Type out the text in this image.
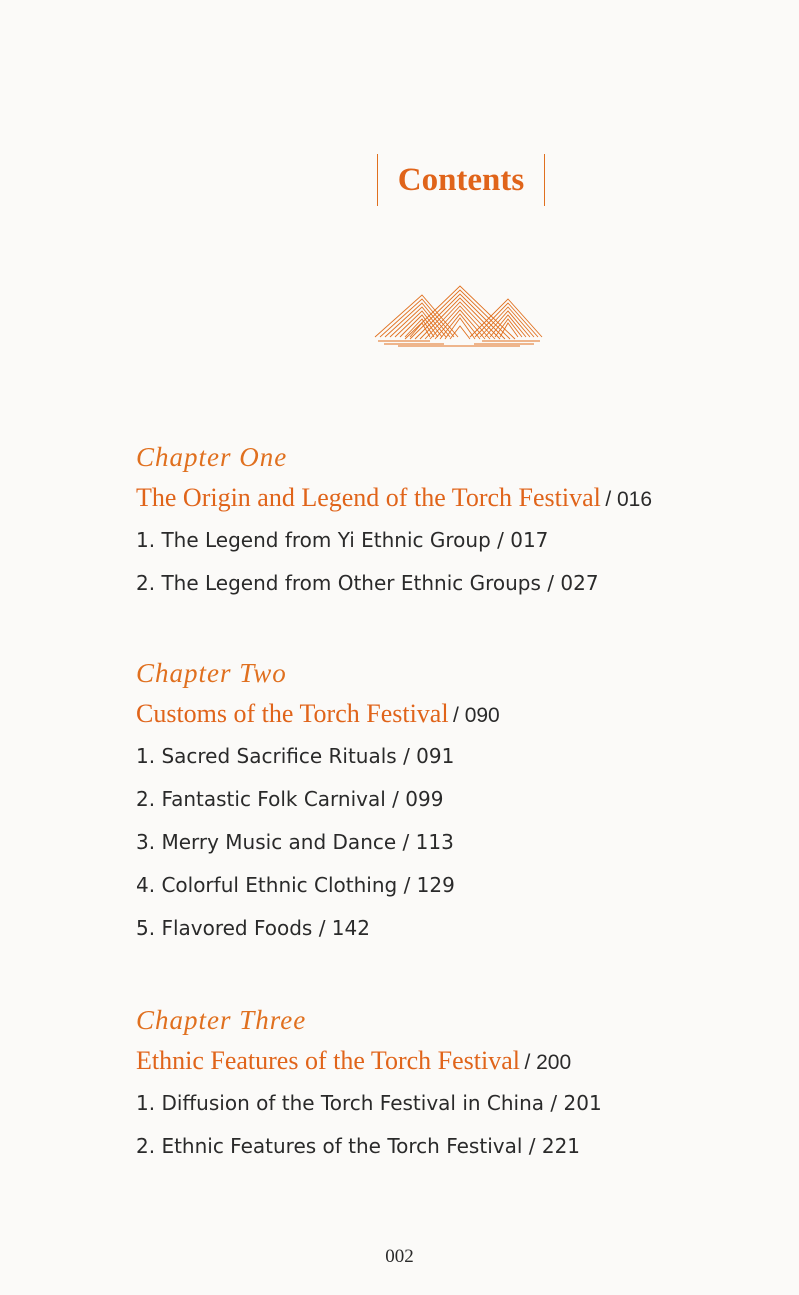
Contents
Chapter One
The Origin and Legend of the Torch Festival / 016
1. The Legend from Yi Ethnic Group / 017
2. The Legend from Other Ethnic Groups / 027
Chapter Two
Customs of the Torch Festival / 090
1. Sacred Sacrifice Rituals / 091
2. Fantastic Folk Carnival / 099
3. Merry Music and Dance / 113
4. Colorful Ethnic Clothing / 129
5. Flavored Foods / 142
Chapter Three
Ethnic Features of the Torch Festival / 200
1. Diffusion of the Torch Festival in China / 201
2. Ethnic Features of the Torch Festival / 221
002
